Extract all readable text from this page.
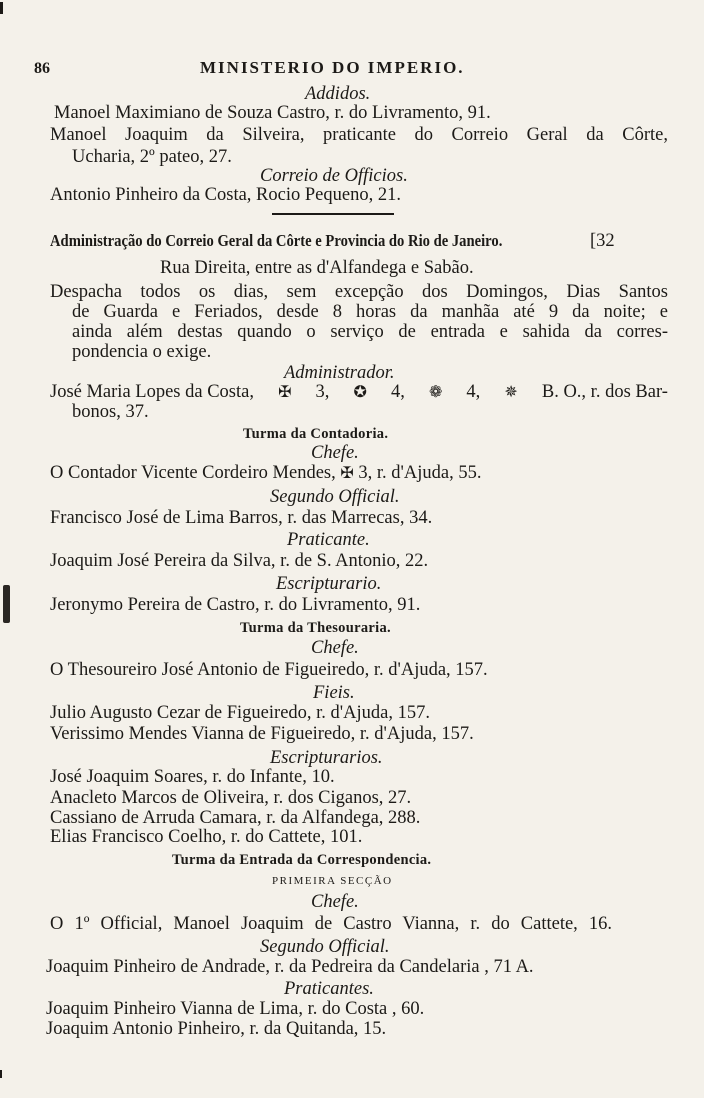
86	MINISTERIO DO IMPERIO.
Addidos.
Manoel Maximiano de Souza Castro, r. do Livramento, 91.
Manoel Joaquim da Silveira, praticante do Correio Geral da Côrte,
Ucharia, 2º pateo, 27.
Correio de Officios.
Antonio Pinheiro da Costa, Rocio Pequeno, 21.
Administração do Correio Geral da Côrte e Provincia do Rio de Janeiro.	[32
Rua Direita, entre as d'Alfandega e Sabão.
Despacha todos os dias, sem excepção dos Domingos, Dias Santos
de Guarda e Feriados, desde 8 horas da manhãa até 9 da noite; e
ainda além destas quando o serviço de entrada e sahida da corres-
pondencia o exige.
Administrador.
José Maria Lopes da Costa, ✠ 3, ✪ 4, ❁ 4, ✵ B. O., r. dos Bar-
bonos, 37.
Turma da Contadoria.
Chefe.
O Contador Vicente Cordeiro Mendes, ✠ 3, r. d'Ajuda, 55.
Segundo Official.
Francisco José de Lima Barros, r. das Marrecas, 34.
Praticante.
Joaquim José Pereira da Silva, r. de S. Antonio, 22.
Escripturario.
Jeronymo Pereira de Castro, r. do Livramento, 91.
Turma da Thesouraria.
Chefe.
O Thesoureiro José Antonio de Figueiredo, r. d'Ajuda, 157.
Fieis.
Julio Augusto Cezar de Figueiredo, r. d'Ajuda, 157.
Verissimo Mendes Vianna de Figueiredo, r. d'Ajuda, 157.
Escripturarios.
José Joaquim Soares, r. do Infante, 10.
Anacleto Marcos de Oliveira, r. dos Ciganos, 27.
Cassiano de Arruda Camara, r. da Alfandega, 288.
Elias Francisco Coelho, r. do Cattete, 101.
Turma da Entrada da Correspondencia.
PRIMEIRA SECÇÃO
Chefe.
O 1º Official, Manoel Joaquim de Castro Vianna, r. do Cattete, 16.
Segundo Official.
Joaquim Pinheiro de Andrade, r. da Pedreira da Candelaria , 71 A.
Praticantes.
Joaquim Pinheiro Vianna de Lima, r. do Costa , 60.
Joaquim Antonio Pinheiro, r. da Quitanda, 15.
